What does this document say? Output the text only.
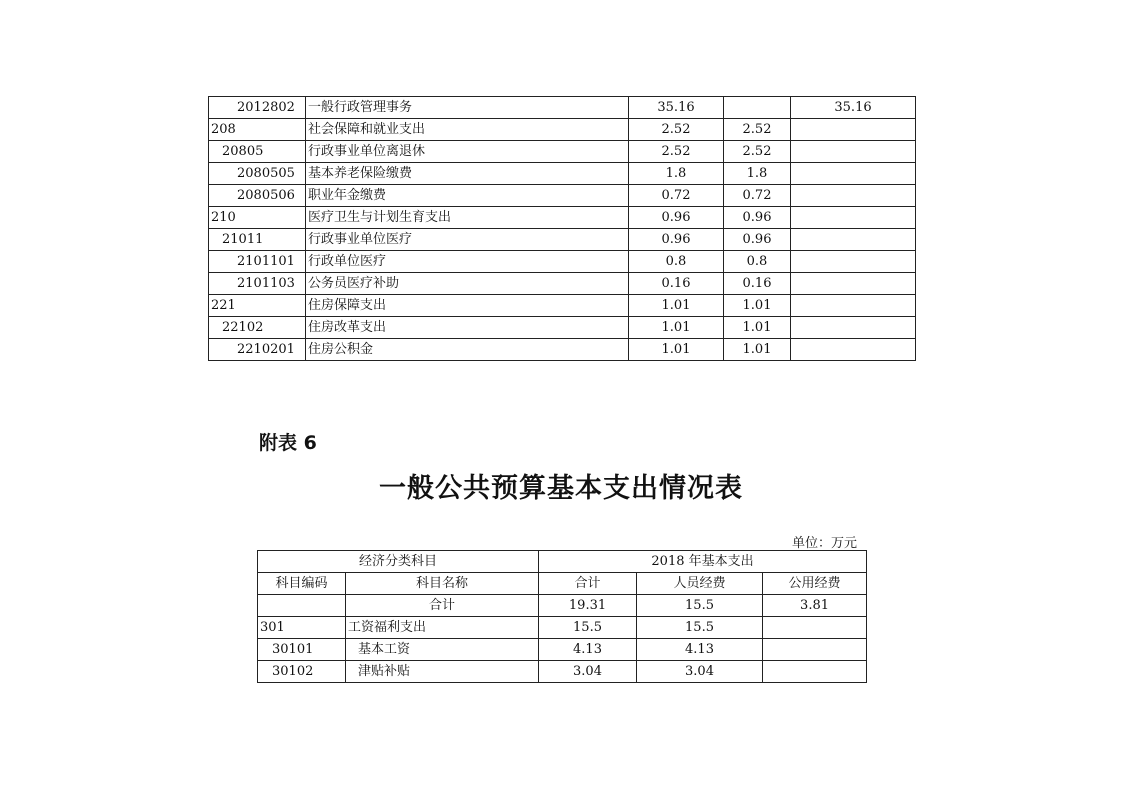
2012802	一般行政管理事务	35.16		35.16
208	社会保障和就业支出	2.52	2.52	
20805	行政事业单位离退休	2.52	2.52	
2080505	基本养老保险缴费	1.8	1.8	
2080506	职业年金缴费	0.72	0.72	
210	医疗卫生与计划生育支出	0.96	0.96	
21011	行政事业单位医疗	0.96	0.96	
2101101	行政单位医疗	0.8	0.8	
2101103	公务员医疗补助	0.16	0.16	
221	住房保障支出	1.01	1.01	
22102	住房改革支出	1.01	1.01	
2210201	住房公积金	1.01	1.01	
附表 6
一般公共预算基本支出情况表
单位：万元
经济分类科目		2018 年基本支出		
科目编码	科目名称	合计	人员经费	公用经费
	合计	19.31	15.5	3.81
301	工资福利支出	15.5	15.5	
30101	基本工资	4.13	4.13	
30102	津贴补贴	3.04	3.04	
